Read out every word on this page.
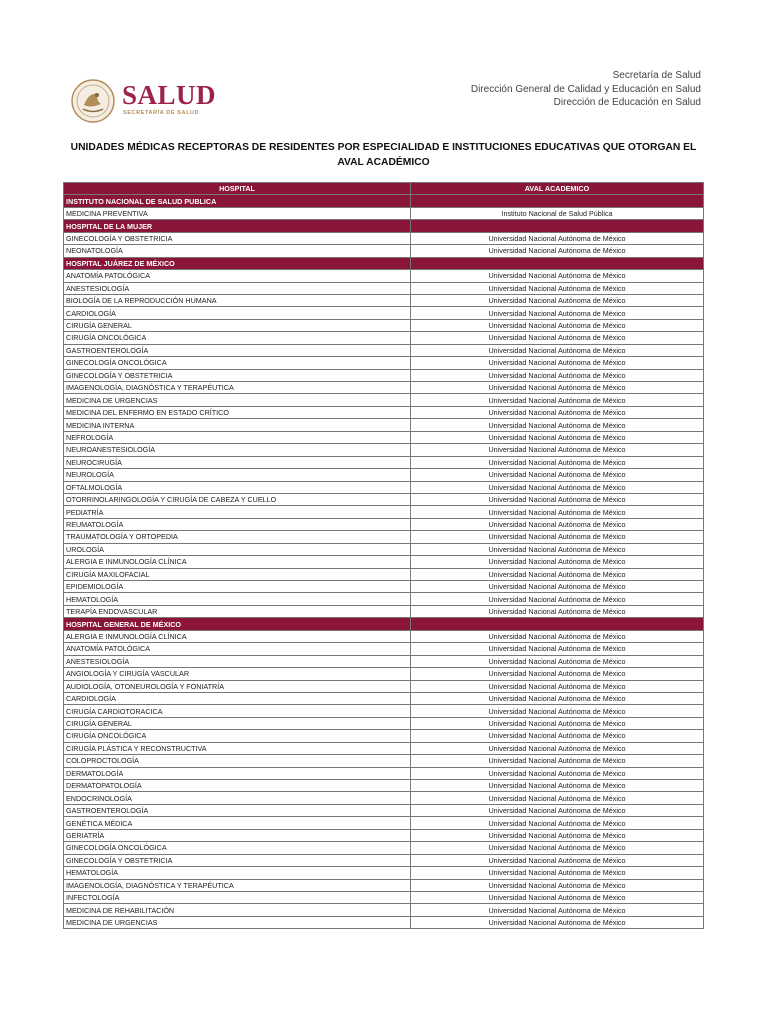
SALUD
SECRETARÍA DE SALUD
Secretaría de Salud
Dirección General de Calidad y Educación en Salud
Dirección de Educación en Salud
UNIDADES MÉDICAS RECEPTORAS DE RESIDENTES POR ESPECIALIDAD E INSTITUCIONES EDUCATIVAS QUE OTORGAN EL AVAL ACADÉMICO
HOSPITAL	AVAL ACADEMICO
INSTITUTO NACIONAL DE SALUD PUBLICA	
MEDICINA PREVENTIVA	Instituto Nacional de Salud Pública
HOSPITAL DE LA MUJER	
GINECOLOGÍA Y OBSTETRICIA	Universidad Nacional Autónoma de México
NEONATOLOGÍA	Universidad Nacional Autónoma de México
HOSPITAL JUÁREZ DE MÉXICO	
ANATOMÍA PATOLÓGICA	Universidad Nacional Autónoma de México
ANESTESIOLOGÍA	Universidad Nacional Autónoma de México
BIOLOGÍA DE LA REPRODUCCIÓN HUMANA	Universidad Nacional Autónoma de México
CARDIOLOGÍA	Universidad Nacional Autónoma de México
CIRUGÍA GENERAL	Universidad Nacional Autónoma de México
CIRUGÍA ONCOLÓGICA	Universidad Nacional Autónoma de México
GASTROENTEROLOGÍA	Universidad Nacional Autónoma de México
GINECOLOGÍA ONCOLÓGICA	Universidad Nacional Autónoma de México
GINECOLOGÍA Y OBSTETRICIA	Universidad Nacional Autónoma de México
IMAGENOLOGÍA, DIAGNÓSTICA Y TERAPÉUTICA	Universidad Nacional Autónoma de México
MEDICINA DE URGENCIAS	Universidad Nacional Autónoma de México
MEDICINA DEL ENFERMO EN ESTADO CRÍTICO	Universidad Nacional Autónoma de México
MEDICINA INTERNA	Universidad Nacional Autónoma de México
NEFROLOGÍA	Universidad Nacional Autónoma de México
NEUROANESTESIOLOGÍA	Universidad Nacional Autónoma de México
NEUROCIRUGÍA	Universidad Nacional Autónoma de México
NEUROLOGÍA	Universidad Nacional Autónoma de México
OFTALMOLOGÍA	Universidad Nacional Autónoma de México
OTORRINOLARINGOLOGÍA Y CIRUGÍA DE CABEZA Y CUELLO	Universidad Nacional Autónoma de México
PEDIATRÍA	Universidad Nacional Autónoma de México
REUMATOLOGÍA	Universidad Nacional Autónoma de México
TRAUMATOLOGÍA Y ORTOPEDIA	Universidad Nacional Autónoma de México
UROLOGÍA	Universidad Nacional Autónoma de México
ALERGIA E INMUNOLOGÍA CLÍNICA	Universidad Nacional Autónoma de México
CIRUGÍA MAXILOFACIAL	Universidad Nacional Autónoma de México
EPIDEMIOLOGÍA	Universidad Nacional Autónoma de México
HEMATOLOGÍA	Universidad Nacional Autónoma de México
TERAPÍA ENDOVASCULAR	Universidad Nacional Autónoma de México
HOSPITAL GENERAL DE MÉXICO	
ALERGIA E INMUNOLOGÍA CLÍNICA	Universidad Nacional Autónoma de México
ANATOMÍA PATOLÓGICA	Universidad Nacional Autónoma de México
ANESTESIOLOGÍA	Universidad Nacional Autónoma de México
ANGIOLOGÍA Y CIRUGÍA VASCULAR	Universidad Nacional Autónoma de México
AUDIOLOGÍA, OTONEUROLOGÍA Y FONIATRÍA	Universidad Nacional Autónoma de México
CARDIOLOGÍA	Universidad Nacional Autónoma de México
CIRUGÍA CARDIOTORACICA	Universidad Nacional Autónoma de México
CIRUGÍA GENERAL	Universidad Nacional Autónoma de México
CIRUGÍA ONCOLÓGICA	Universidad Nacional Autónoma de México
CIRUGÍA PLÁSTICA Y RECONSTRUCTIVA	Universidad Nacional Autónoma de México
COLOPROCTOLOGÍA	Universidad Nacional Autónoma de México
DERMATOLOGÍA	Universidad Nacional Autónoma de México
DERMATOPATOLOGÍA	Universidad Nacional Autónoma de México
ENDOCRINOLOGÍA	Universidad Nacional Autónoma de México
GASTROENTEROLOGÍA	Universidad Nacional Autónoma de México
GENÉTICA MÉDICA	Universidad Nacional Autónoma de México
GERIATRÍA	Universidad Nacional Autónoma de México
GINECOLOGÍA ONCOLÓGICA	Universidad Nacional Autónoma de México
GINECOLOGÍA Y OBSTETRICIA	Universidad Nacional Autónoma de México
HEMATOLOGÍA	Universidad Nacional Autónoma de México
IMAGENOLOGÍA, DIAGNÓSTICA Y TERAPÉUTICA	Universidad Nacional Autónoma de México
INFECTOLOGÍA	Universidad Nacional Autónoma de México
MEDICINA DE REHABILITACIÓN	Universidad Nacional Autónoma de México
MEDICINA DE URGENCIAS	Universidad Nacional Autónoma de México
